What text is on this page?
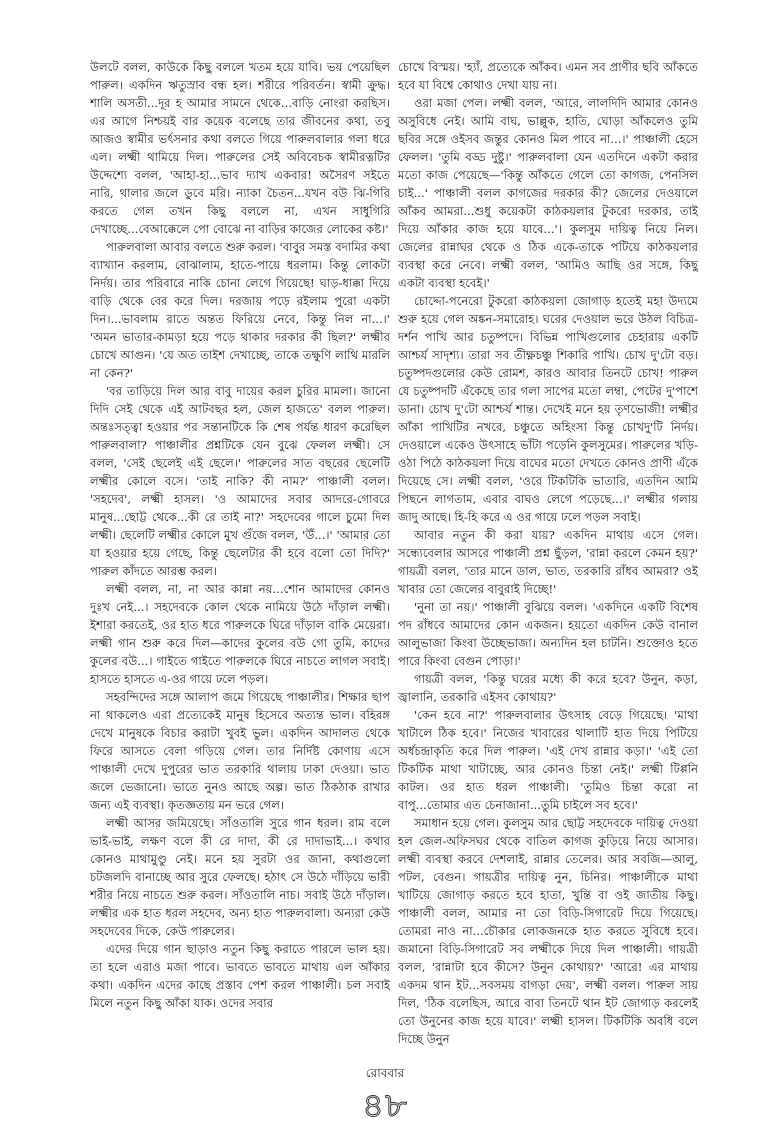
উলটে বলল, কাউকে কিছু বললে খতম হয়ে যাবি। ভয় পেয়েছিল পারুল। একদিন ঋতুস্রাব বন্ধ হল। শরীরে পরিবর্তন। স্বামী ক্রুদ্ধ। শালি অসতী...দূর হ আমার সামনে থেকে...বাড়ি নোংরা করছিস। এর আগে নিশ্চয়ই বার কয়েক বলেছে তার জীবনের কথা, তবু আজও স্বামীর ভর্ৎসনার কথা বলতে গিয়ে পারুলবালার গলা ধরে এল। লক্ষ্মী থামিয়ে দিল। পারুলের সেই অবিবেচক স্বামীরত্নটির উদ্দেশ্যে বলল, 'আহা-হা...ভাব দ্যাখ একবার! অসৈরণ সইতে নারি, থালার জলে ডুবে মরি। ন্যাকা চৈতন...যখন বউ ঝি-গিরি করতে গেল তখন কিছু বললে না, এখন সাধুগিরি দেখাচ্ছে...বেআক্কেলে পো বোঝে না বাড়ির কাজের লোকের কষ্ট।'

পারুলবালা আবার বলতে শুরু করল। 'বাবুর সমস্ত বদামির কথা ব্যাখ্যান করলাম, বোঝালাম, হাতে-পায়ে ধরলাম। কিন্তু লোকটা নির্দয়। তার পরিবারে নাকি চোনা লেগে গিয়েছে! ঘাড়-ধাক্কা দিয়ে বাড়ি থেকে বের করে দিল। দরজায় পড়ে রইলাম পুরো একটা দিন।...ভাবলাম রাতে অন্তত ফিরিয়ে নেবে, কিন্তু নিল না...।' 'অমন ভাতার-কামড়া হয়ে পড়ে থাকার দরকার কী ছিল?' লক্ষ্মীর চোখে আগুন। 'যে অত তাইশ দেখাচ্ছে, তাকে তক্ষুণি লাথি মারলি না কেন?'

'বর তাড়িয়ে দিল আর বাবু দায়ের করল চুরির মামলা। জানো দিদি সেই থেকে এই আটবছর হল, জেল হাজতে' বলল পারুল। অন্তঃসত্ত্বা হওয়ার পর সন্তানটিকে কি শেষ পর্যন্ত ধারণ করেছিল পারুলবালা? পাঞ্চালীর প্রশ্নটিকে যেন বুঝে ফেলল লক্ষ্মী। সে বলল, 'সেই ছেলেই এই ছেলে।' পারুলের সাত বছরের ছেলেটি লক্ষ্মীর কোলে বসে। 'তাই নাকি? কী নাম?' পাঞ্চালী বলল। 'সহদেব', লক্ষ্মী হাসল। 'ও আমাদের সবার আদরে-গোবরে মানুষ...ছোট্ট থেকে...কী রে তাই না?' সহদেবের গালে চুমো দিল লক্ষ্মী। ছেলেটি লক্ষ্মীর কোলে মুখ গুঁজে বলল, 'উঁ...।' 'আমার তো যা হওয়ার হয়ে গেছে, কিন্তু ছেলেটার কী হবে বলো তো দিদি?' পারুল কাঁদতে আরম্ভ করল।

লক্ষ্মী বলল, না, না আর কান্না নয়...শোন আমাদের কোনও দুঃখ নেই...। সহদেবকে কোল থেকে নামিয়ে উঠে দাঁড়াল লক্ষ্মী। ইশারা করতেই, ওর হাত ধরে পারুলকে ঘিরে দাঁড়াল বাকি মেয়েরা। লক্ষ্মী গান শুরু করে দিল—কাদের কুলের বউ গো তুমি, কাদের কুলের বউ...। গাইতে গাইতে পারুলকে ঘিরে নাচতে লাগল সবাই। হাসতে হাসতে এ-ওর গায়ে ঢলে পড়ল।

সহবন্দিদের সঙ্গে আলাপ জমে গিয়েছে পাঞ্চালীর। শিক্ষার ছাপ না থাকলেও এরা প্রত্যেকেই মানুষ হিসেবে অত্যন্ত ভাল। বহিরঙ্গ দেখে মানুষকে বিচার করাটা খুবই ভুল। একদিন আদালত থেকে ফিরে আসতে বেলা গড়িয়ে গেল। তার নির্দিষ্ট কোণায় এসে পাঞ্চালী দেখে দুপুরের ভাত তরকারি থালায় ঢাকা দেওয়া। ভাত জলে ভেজানো। ভাতে নুনও আছে অল্প। ভাত ঠিকঠাক রাখার জন্য এই ব্যবস্থা। কৃতজ্ঞতায় মন ভরে গেল।

লক্ষ্মী আসর জমিয়েছে। সাঁওতালি সুরে গান ধরল। রাম বলে ভাই-ভাই, লক্ষণ বলে কী রে দাদা, কী রে দাদাভাই...। কথার কোনও মাথামুণ্ডু নেই। মনে হয় সুরটা ওর জানা, কথাগুলো চটজলদি বানাচ্ছে আর সুরে ফেলছে। হঠাৎ সে উঠে দাঁড়িয়ে ভারী শরীর নিয়ে নাচতে শুরু করল। সাঁওতালি নাচ। সবাই উঠে দাঁড়াল। লক্ষ্মীর এক হাত ধরল সহদেব, অন্য হাত পারুলবালা। অন্যরা কেউ সহদেবের দিকে, কেউ পারুলের।

এদের দিয়ে গান ছাড়াও নতুন কিছু করাতে পারলে ভাল হয়। তা হলে এরাও মজা পাবে। ভাবতে ভাবতে মাথায় এল আঁকার কথা। একদিন এদের কাছে প্রস্তাব পেশ করল পাঞ্চালী। চল সবাই মিলে নতুন কিছু আঁকা যাক। ওদের সবার

চোখে বিস্ময়। 'হ্যাঁ, প্রত্যেকে আঁকব। এমন সব প্রাণীর ছবি আঁকতে হবে যা বিশ্বে কোথাও দেখা যায় না।

ওরা মজা পেল। লক্ষ্মী বলল, 'আরে, লালদিদি আমার কোনও অসুবিধে নেই। আমি বাঘ, ভাল্লুক, হাতি, ঘোড়া আঁকলেও তুমি ছবির সঙ্গে ওইসব জন্তুর কোনও মিল পাবে না...।' পাঞ্চালী হেসে ফেলল। 'তুমি বড্ড দুষ্টু।' পারুলবালা যেন এতদিনে একটা করার মতো কাজ পেয়েছে—'কিন্তু আঁকতে গেলে তো কাগজ, পেনসিল চাই...' পাঞ্চালী বলল কাগজের দরকার কী? জেলের দেওয়ালে আঁকব আমরা...শুধু কয়েকটা কাঠকয়লার টুকরো দরকার, তাই দিয়ে আঁকার কাজ হয়ে যাবে...'। কুলসুম দায়িত্ব নিয়ে নিল। জেলের রান্নাঘর থেকে ও ঠিক একে-তাকে পটিয়ে কাঠকয়লার ব্যবস্থা করে নেবে। লক্ষ্মী বলল, 'আমিও আছি ওর সঙ্গে, কিছু একটা ব্যবস্থা হবেই।'

চোদ্দো-পনেরো টুকরো কাঠকয়লা জোগাড় হতেই মহা উদ্যমে শুরু হয়ে গেল অঙ্কন-সমারোহ। ঘরের দেওয়াল ভরে উঠল বিচিত্র-দর্শন পাখি আর চতুষ্পদে। বিভিন্ন পাখিগুলোর চেহারায় একটি আশ্চর্য সাদৃশ্য। তারা সব তীক্ষ্ণচঞ্চু শিকারি পাখি। চোখ দু'টো বড়। চতুষ্পদগুলোর কেউ রোমশ, কারও আবার তিনটে চোখ! পারুল যে চতুষ্পদটি এঁকেছে তার গলা সাপের মতো লম্বা, পেটের দু'পাশে ডানা। চোখ দু'টো আশ্চর্য শান্ত। দেখেই মনে হয় তৃণভোজী! লক্ষ্মীর আঁকা পাখিটির নখরে, চঞ্চুতে অহিংসা কিন্তু চোখদু'টি নির্দয়। দেওয়ালে একেও উৎসাহে ভাঁটা পড়েনি কুলসুমের। পারুলের খড়ি-ওঠা পিঠে কাঠকয়লা দিয়ে বাঘের মতো দেখতে কোনও প্রাণী এঁকে দিয়েছে সে। লক্ষ্মী বলল, 'ওরে টিকটিকি ভাতারি, এতদিন আমি পিছনে লাগতাম, এবার বাঘও লেগে পড়েছে...।' লক্ষ্মীর গলায় জাদু আছে। হি-হি করে এ ওর গায়ে ঢলে পড়ল সবাই।

আবার নতুন কী করা যায়? একদিন মাথায় এসে গেল। সন্ধ্যেবেলার আসরে পাঞ্চালী প্রশ্ন ছুঁড়ল, 'রান্না করলে কেমন হয়?' গায়ত্রী বলল, 'তার মানে ডাল, ভাত, তরকারি রাঁধব আমরা? ওই খাবার তো জেলের বাবুরাই দিচ্ছে!'

'নুনা তা নয়।' পাঞ্চালী বুঝিয়ে বলল। 'একদিনে একটি বিশেষ পদ রাঁধবে আমাদের কোন একজন। হয়তো একদিন কেউ বানাল আলুভাজা কিংবা উচ্ছেভাজা। অন্যদিন হল চাটনি। শুক্তোও হতে পারে কিংবা বেগুন পোড়া।'

গায়ত্রী বলল, 'কিন্তু ঘরের মধ্যে কী করে হবে? উনুন, কড়া, জ্বালানি, তরকারি এইসব কোথায়?'

'কেন হবে না?' পারুলবালার উৎসাহ বেড়ে গিয়েছে। 'মাথা খাটালে ঠিক হবে।' নিজের খাবারের থালাটি হাত দিয়ে পিটিয়ে অর্ধচন্দ্রাকৃতি করে দিল পারুল। 'এই দেখ রান্নার কড়া।' 'এই তো টিকটিক মাথা খাটাচ্ছে, আর কোনও চিন্তা নেই।' লক্ষ্মী টিপ্পনি কাটল। ওর হাত ধরল পাঞ্চালী। 'তুমিও চিন্তা করো না বাপু...তোমার এত চেনাজানা...তুমি চাইলে সব হবে।'

সমাধান হয়ে গেল। কুলসুম আর ছোট্ট সহদেবকে দায়িত্ব দেওয়া হল জেল-অফিসঘর থেকে বাতিল কাগজ কুড়িয়ে নিয়ে আসার। লক্ষ্মী ব্যবস্থা করবে দেশলাই, রান্নার তেলের। আর সবজি—আলু, পটল, বেগুন। গায়ত্রীর দায়িত্ব নুন, চিনির। পাঞ্চালীকে মাথা খাটিয়ে জোগাড় করতে হবে হাতা, খুন্তি বা ওই জাতীয় কিছু। পাঞ্চালী বলল, আমার না তো বিড়ি-সিগারেট দিয়ে গিয়েছে। তোমরা নাও না...চৌকার লোকজনকে হাত করতে সুবিধে হবে। জমানো বিড়ি-সিগারেট সব লক্ষ্মীকে দিয়ে দিল পাঞ্চালী। গায়ত্রী বলল, 'রান্নাটা হবে কীসে? উনুন কোথায়?' 'আরে! এর মাথায় একদম থান ইট...সবসময় বাগড়া দেয়', লক্ষ্মী বলল। পারুল সায় দিল, 'ঠিক বলেছিস, আরে বাবা তিনটে থান ইট জোগাড় করলেই তো উনুনের কাজ হয়ে যাবে।' লক্ষ্মী হাসল। টিকটিকি অবধি বলে দিচ্ছে উনুন

রোববার
৪৮
